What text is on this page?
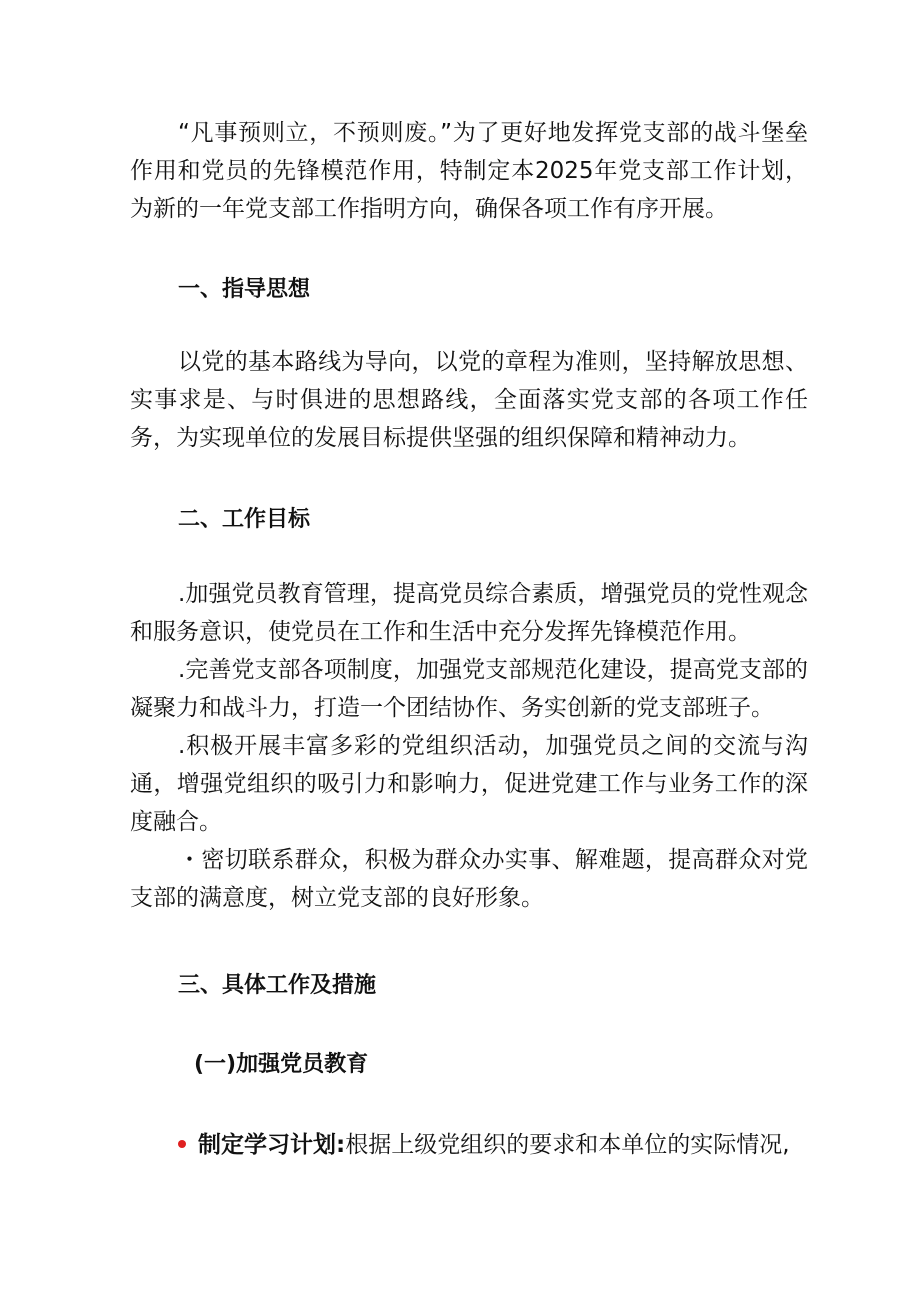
“凡事预则立，不预则废。”为了更好地发挥党支部的战斗堡垒作用和党员的先锋模范作用，特制定本2025年党支部工作计划，为新的一年党支部工作指明方向，确保各项工作有序开展。

一、指导思想

以党的基本路线为导向，以党的章程为准则，坚持解放思想、实事求是、与时俱进的思想路线，全面落实党支部的各项工作任务，为实现单位的发展目标提供坚强的组织保障和精神动力。

二、工作目标

.加强党员教育管理，提高党员综合素质，增强党员的党性观念和服务意识，使党员在工作和生活中充分发挥先锋模范作用。

.完善党支部各项制度，加强党支部规范化建设，提高党支部的凝聚力和战斗力，打造一个团结协作、务实创新的党支部班子。

.积极开展丰富多彩的党组织活动，加强党员之间的交流与沟通，增强党组织的吸引力和影响力，促进党建工作与业务工作的深度融合。

・密切联系群众，积极为群众办实事、解难题，提高群众对党支部的满意度，树立党支部的良好形象。

三、具体工作及措施
(一)加强党员教育

制定学习计划:根据上级党组织的要求和本单位的实际情况,
